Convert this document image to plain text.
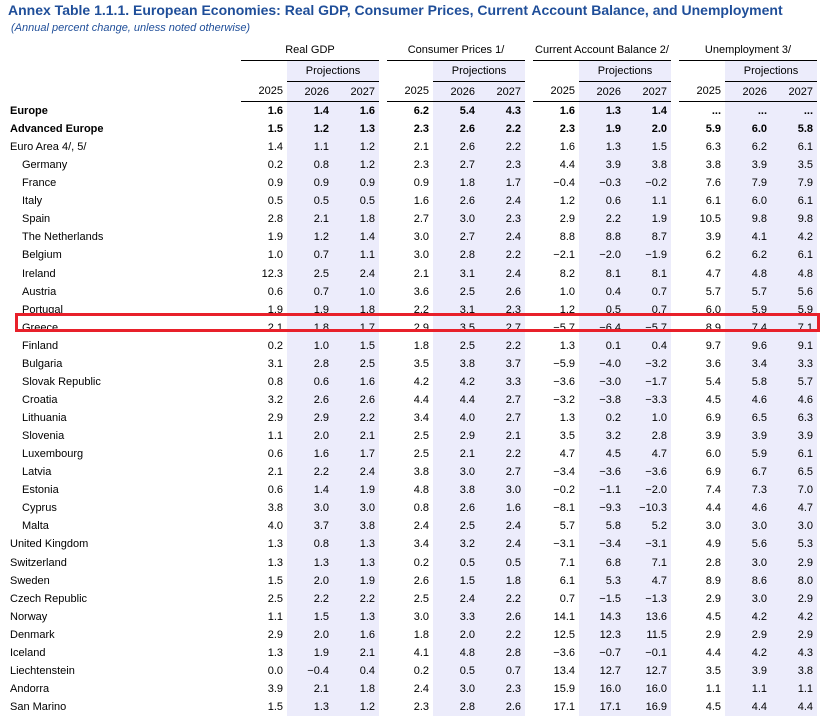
Annex Table 1.1.1. European Economies: Real GDP, Consumer Prices, Current Account Balance, and Unemployment
(Annual percent change, unless noted otherwise)
	Real GDP				Consumer Prices 1/				Current Account Balance 2/				Unemployment 3/		
		Projections				Projections				Projections				Projections	
	2025	2026	2027		2025	2026	2027		2025	2026	2027		2025	2026	2027
Europe	1.6	1.4	1.6		6.2	5.4	4.3		1.6	1.3	1.4		...	...	...
Advanced Europe	1.5	1.2	1.3		2.3	2.6	2.2		2.3	1.9	2.0		5.9	6.0	5.8
Euro Area 4/, 5/	1.4	1.1	1.2		2.1	2.6	2.2		1.6	1.3	1.5		6.3	6.2	6.1
Germany	0.2	0.8	1.2		2.3	2.7	2.3		4.4	3.9	3.8		3.8	3.9	3.5
France	0.9	0.9	0.9		0.9	1.8	1.7		−0.4	−0.3	−0.2		7.6	7.9	7.9
Italy	0.5	0.5	0.5		1.6	2.6	2.4		1.2	0.6	1.1		6.1	6.0	6.1
Spain	2.8	2.1	1.8		2.7	3.0	2.3		2.9	2.2	1.9		10.5	9.8	9.8
The Netherlands	1.9	1.2	1.4		3.0	2.7	2.4		8.8	8.8	8.7		3.9	4.1	4.2
Belgium	1.0	0.7	1.1		3.0	2.8	2.2		−2.1	−2.0	−1.9		6.2	6.2	6.1
Ireland	12.3	2.5	2.4		2.1	3.1	2.4		8.2	8.1	8.1		4.7	4.8	4.8
Austria	0.6	0.7	1.0		3.6	2.5	2.6		1.0	0.4	0.7		5.7	5.7	5.6
Portugal	1.9	1.9	1.8		2.2	3.1	2.3		1.2	0.5	0.7		6.0	5.9	5.9
Greece	2.1	1.8	1.7		2.9	3.5	2.7		−5.7	−6.4	−5.7		8.9	7.4	7.1
Finland	0.2	1.0	1.5		1.8	2.5	2.2		1.3	0.1	0.4		9.7	9.6	9.1
Bulgaria	3.1	2.8	2.5		3.5	3.8	3.7		−5.9	−4.0	−3.2		3.6	3.4	3.3
Slovak Republic	0.8	0.6	1.6		4.2	4.2	3.3		−3.6	−3.0	−1.7		5.4	5.8	5.7
Croatia	3.2	2.6	2.6		4.4	4.4	2.7		−3.2	−3.8	−3.3		4.5	4.6	4.6
Lithuania	2.9	2.9	2.2		3.4	4.0	2.7		1.3	0.2	1.0		6.9	6.5	6.3
Slovenia	1.1	2.0	2.1		2.5	2.9	2.1		3.5	3.2	2.8		3.9	3.9	3.9
Luxembourg	0.6	1.6	1.7		2.5	2.1	2.2		4.7	4.5	4.7		6.0	5.9	6.1
Latvia	2.1	2.2	2.4		3.8	3.0	2.7		−3.4	−3.6	−3.6		6.9	6.7	6.5
Estonia	0.6	1.4	1.9		4.8	3.8	3.0		−0.2	−1.1	−2.0		7.4	7.3	7.0
Cyprus	3.8	3.0	3.0		0.8	2.6	1.6		−8.1	−9.3	−10.3		4.4	4.6	4.7
Malta	4.0	3.7	3.8		2.4	2.5	2.4		5.7	5.8	5.2		3.0	3.0	3.0
United Kingdom	1.3	0.8	1.3		3.4	3.2	2.4		−3.1	−3.4	−3.1		4.9	5.6	5.3
Switzerland	1.3	1.3	1.3		0.2	0.5	0.5		7.1	6.8	7.1		2.8	3.0	2.9
Sweden	1.5	2.0	1.9		2.6	1.5	1.8		6.1	5.3	4.7		8.9	8.6	8.0
Czech Republic	2.5	2.2	2.2		2.5	2.4	2.2		0.7	−1.5	−1.3		2.9	3.0	2.9
Norway	1.1	1.5	1.3		3.0	3.3	2.6		14.1	14.3	13.6		4.5	4.2	4.2
Denmark	2.9	2.0	1.6		1.8	2.0	2.2		12.5	12.3	11.5		2.9	2.9	2.9
Iceland	1.3	1.9	2.1		4.1	4.8	2.8		−3.6	−0.7	−0.1		4.4	4.2	4.3
Liechtenstein	0.0	−0.4	0.4		0.2	0.5	0.7		13.4	12.7	12.7		3.5	3.9	3.8
Andorra	3.9	2.1	1.8		2.4	3.0	2.3		15.9	16.0	16.0		1.1	1.1	1.1
San Marino	1.5	1.3	1.2		2.3	2.8	2.6		17.1	17.1	16.9		4.5	4.4	4.4
